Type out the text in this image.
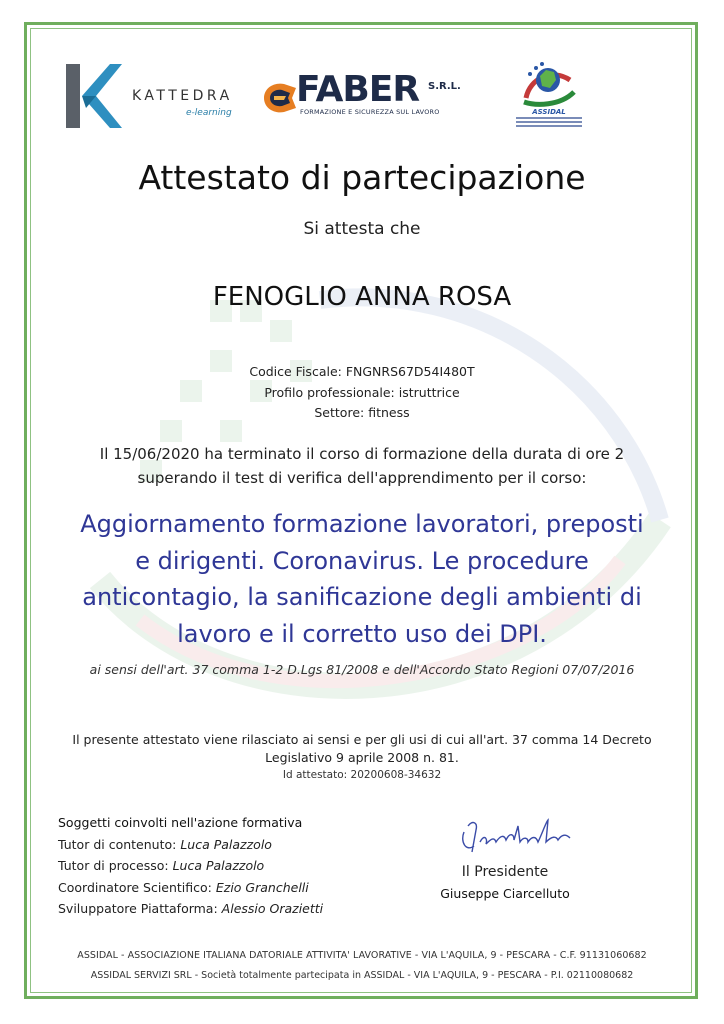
KATTEDRA
e-learning
FABER S.R.L.
FORMAZIONE E SICUREZZA SUL LAVORO	ASSIDAL
Attestato di partecipazione
Si attesta che
FENOGLIO ANNA ROSA
Codice Fiscale: FNGNRS67D54I480T
Profilo professionale: istruttrice
Settore: fitness
Il 15/06/2020 ha terminato il corso di formazione della durata di ore 2
superando il test di verifica dell'apprendimento per il corso:
Aggiornamento formazione lavoratori, preposti
e dirigenti. Coronavirus. Le procedure
anticontagio, la sanificazione degli ambienti di
lavoro e il corretto uso dei DPI.
ai sensi dell'art. 37 comma 1-2 D.Lgs 81/2008 e dell'Accordo Stato Regioni 07/07/2016
Il presente attestato viene rilasciato ai sensi e per gli usi di cui all'art. 37 comma 14 Decreto
Legislativo 9 aprile 2008 n. 81.
Id attestato: 20200608-34632
Soggetti coinvolti nell'azione formativa
Tutor di contenuto: Luca Palazzolo
Tutor di processo: Luca Palazzolo
Coordinatore Scientifico: Ezio Granchelli
Sviluppatore Piattaforma: Alessio Orazietti
Il Presidente
Giuseppe Ciarcelluto
ASSIDAL - ASSOCIAZIONE ITALIANA DATORIALE ATTIVITA' LAVORATIVE - VIA L'AQUILA, 9 - PESCARA - C.F. 91131060682
ASSIDAL SERVIZI SRL - Società totalmente partecipata in ASSIDAL - VIA L'AQUILA, 9 - PESCARA - P.I. 02110080682
